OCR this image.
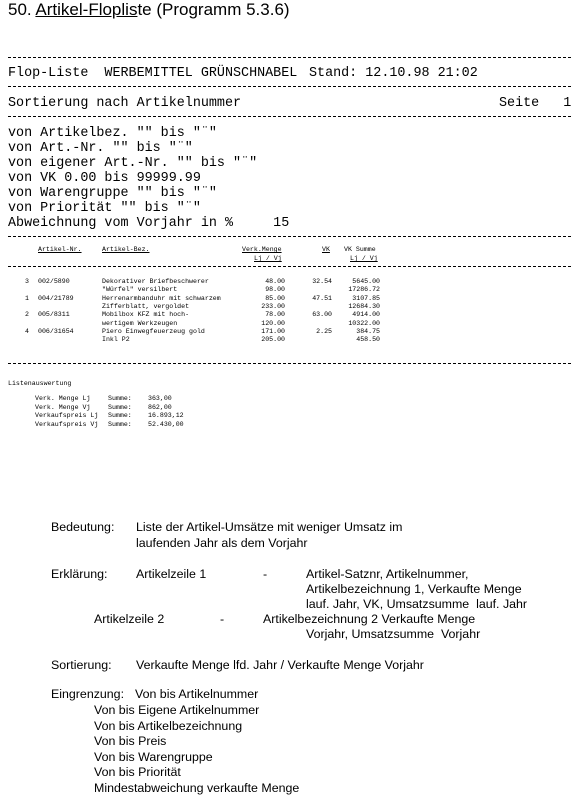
50. Artikel-Flopliste (Programm 5.3.6)
Flop-Liste  WERBEMITTEL GRÜNSCHNABEL Stand: 12.10.98 21:02
Sortierung nach Artikelnummer	Seite   1
von Artikelbez. "" bis "¨"
von Art.-Nr. "" bis "¨"
von eigener Art.-Nr. "" bis "¨"
von VK 0.00 bis 99999.99
von Warengruppe "" bis "¨"
von Priorität "" bis "¨"
Abweichnung vom Vorjahr in %     15
Artikel-Nr.	Artikel-Bez.	Verk.Menge
Lj / Vj
VK VK Summe
Lj / Vj
3 002/5890	Dekorativer Briefbeschwerer	48.00	32.54	5645.00
"Würfel" versilbert	98.00	17286.72
1 004/21789	Herrenarmbanduhr mit schwarzem	85.00	47.51	3107.85
Zifferblatt, vergoldet	233.00	12684.30
2 005/8311	Mobilbox KFZ mit hoch-	78.00	63.00	4914.00
wertigem Werkzeugen	120.00	10322.00
4 006/31654	Piero Einwegfeuerzeug gold	171.00	2.25	384.75
Inkl P2	205.00	458.50
Listenauswertung
Verk. Menge Lj	Summe: 363,00
Verk. Menge Vj	Summe: 862,00
Verkaufspreis Lj Summe: 16.893,12
Verkaufspreis Vj Summe: 52.430,00
Bedeutung: Liste der Artikel-Umsätze mit weniger Umsatz im
laufenden Jahr als dem Vorjahr
Erklärung: Artikelzeile 1	-	Artikel-Satznr, Artikelnummer,
Artikelbezeichnung 1, Verkaufte Menge
lauf. Jahr, VK, Umsatzsumme  lauf. Jahr
Artikelzeile 2	-	Artikelbezeichnung 2 Verkaufte Menge
Vorjahr, Umsatzsumme  Vorjahr
Sortierung: Verkaufte Menge lfd. Jahr / Verkaufte Menge Vorjahr
Eingrenzung: Von bis Artikelnummer
Von bis Eigene Artikelnummer
Von bis Artikelbezeichnung
Von bis Preis
Von bis Warengruppe
Von bis Priorität
Mindestabweichung verkaufte Menge
